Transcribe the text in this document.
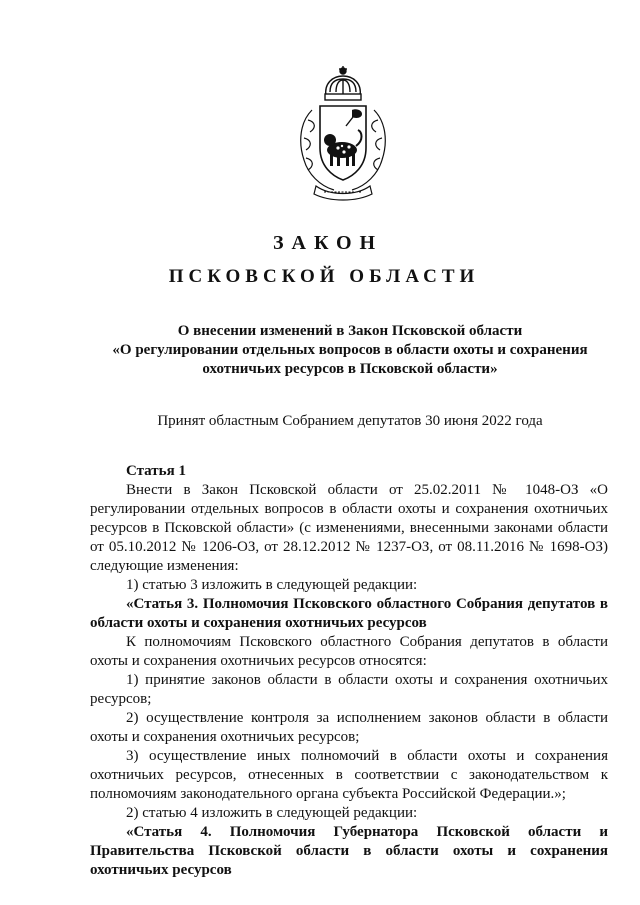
ЗАКОН
ПСКОВСКОЙ ОБЛАСТИ
О внесении изменений в Закон Псковской области
«О регулировании отдельных вопросов в области охоты и сохранения охотничьих ресурсов в Псковской области»
Принят областным Собранием депутатов 30 июня 2022 года

Статья 1

Внести в Закон Псковской области от 25.02.2011 № 1048-ОЗ «О регулировании отдельных вопросов в области охоты и сохранения охотничьих ресурсов в Псковской области» (с изменениями, внесенными законами области от 05.10.2012 № 1206-ОЗ, от 28.12.2012 № 1237-ОЗ, от 08.11.2016 № 1698-ОЗ) следующие изменения:

1) статью 3 изложить в следующей редакции:

«Статья 3. Полномочия Псковского областного Собрания депутатов в области охоты и сохранения охотничьих ресурсов

К полномочиям Псковского областного Собрания депутатов в области охоты и сохранения охотничьих ресурсов относятся:

1) принятие законов области в области охоты и сохранения охотничьих ресурсов;

2) осуществление контроля за исполнением законов области в области охоты и сохранения охотничьих ресурсов;

3) осуществление иных полномочий в области охоты и сохранения охотничьих ресурсов, отнесенных в соответствии с законодательством к полномочиям законодательного органа субъекта Российской Федерации.»;

2) статью 4 изложить в следующей редакции:

«Статья 4. Полномочия Губернатора Псковской области и Правительства Псковской области в области охоты и сохранения охотничьих ресурсов
